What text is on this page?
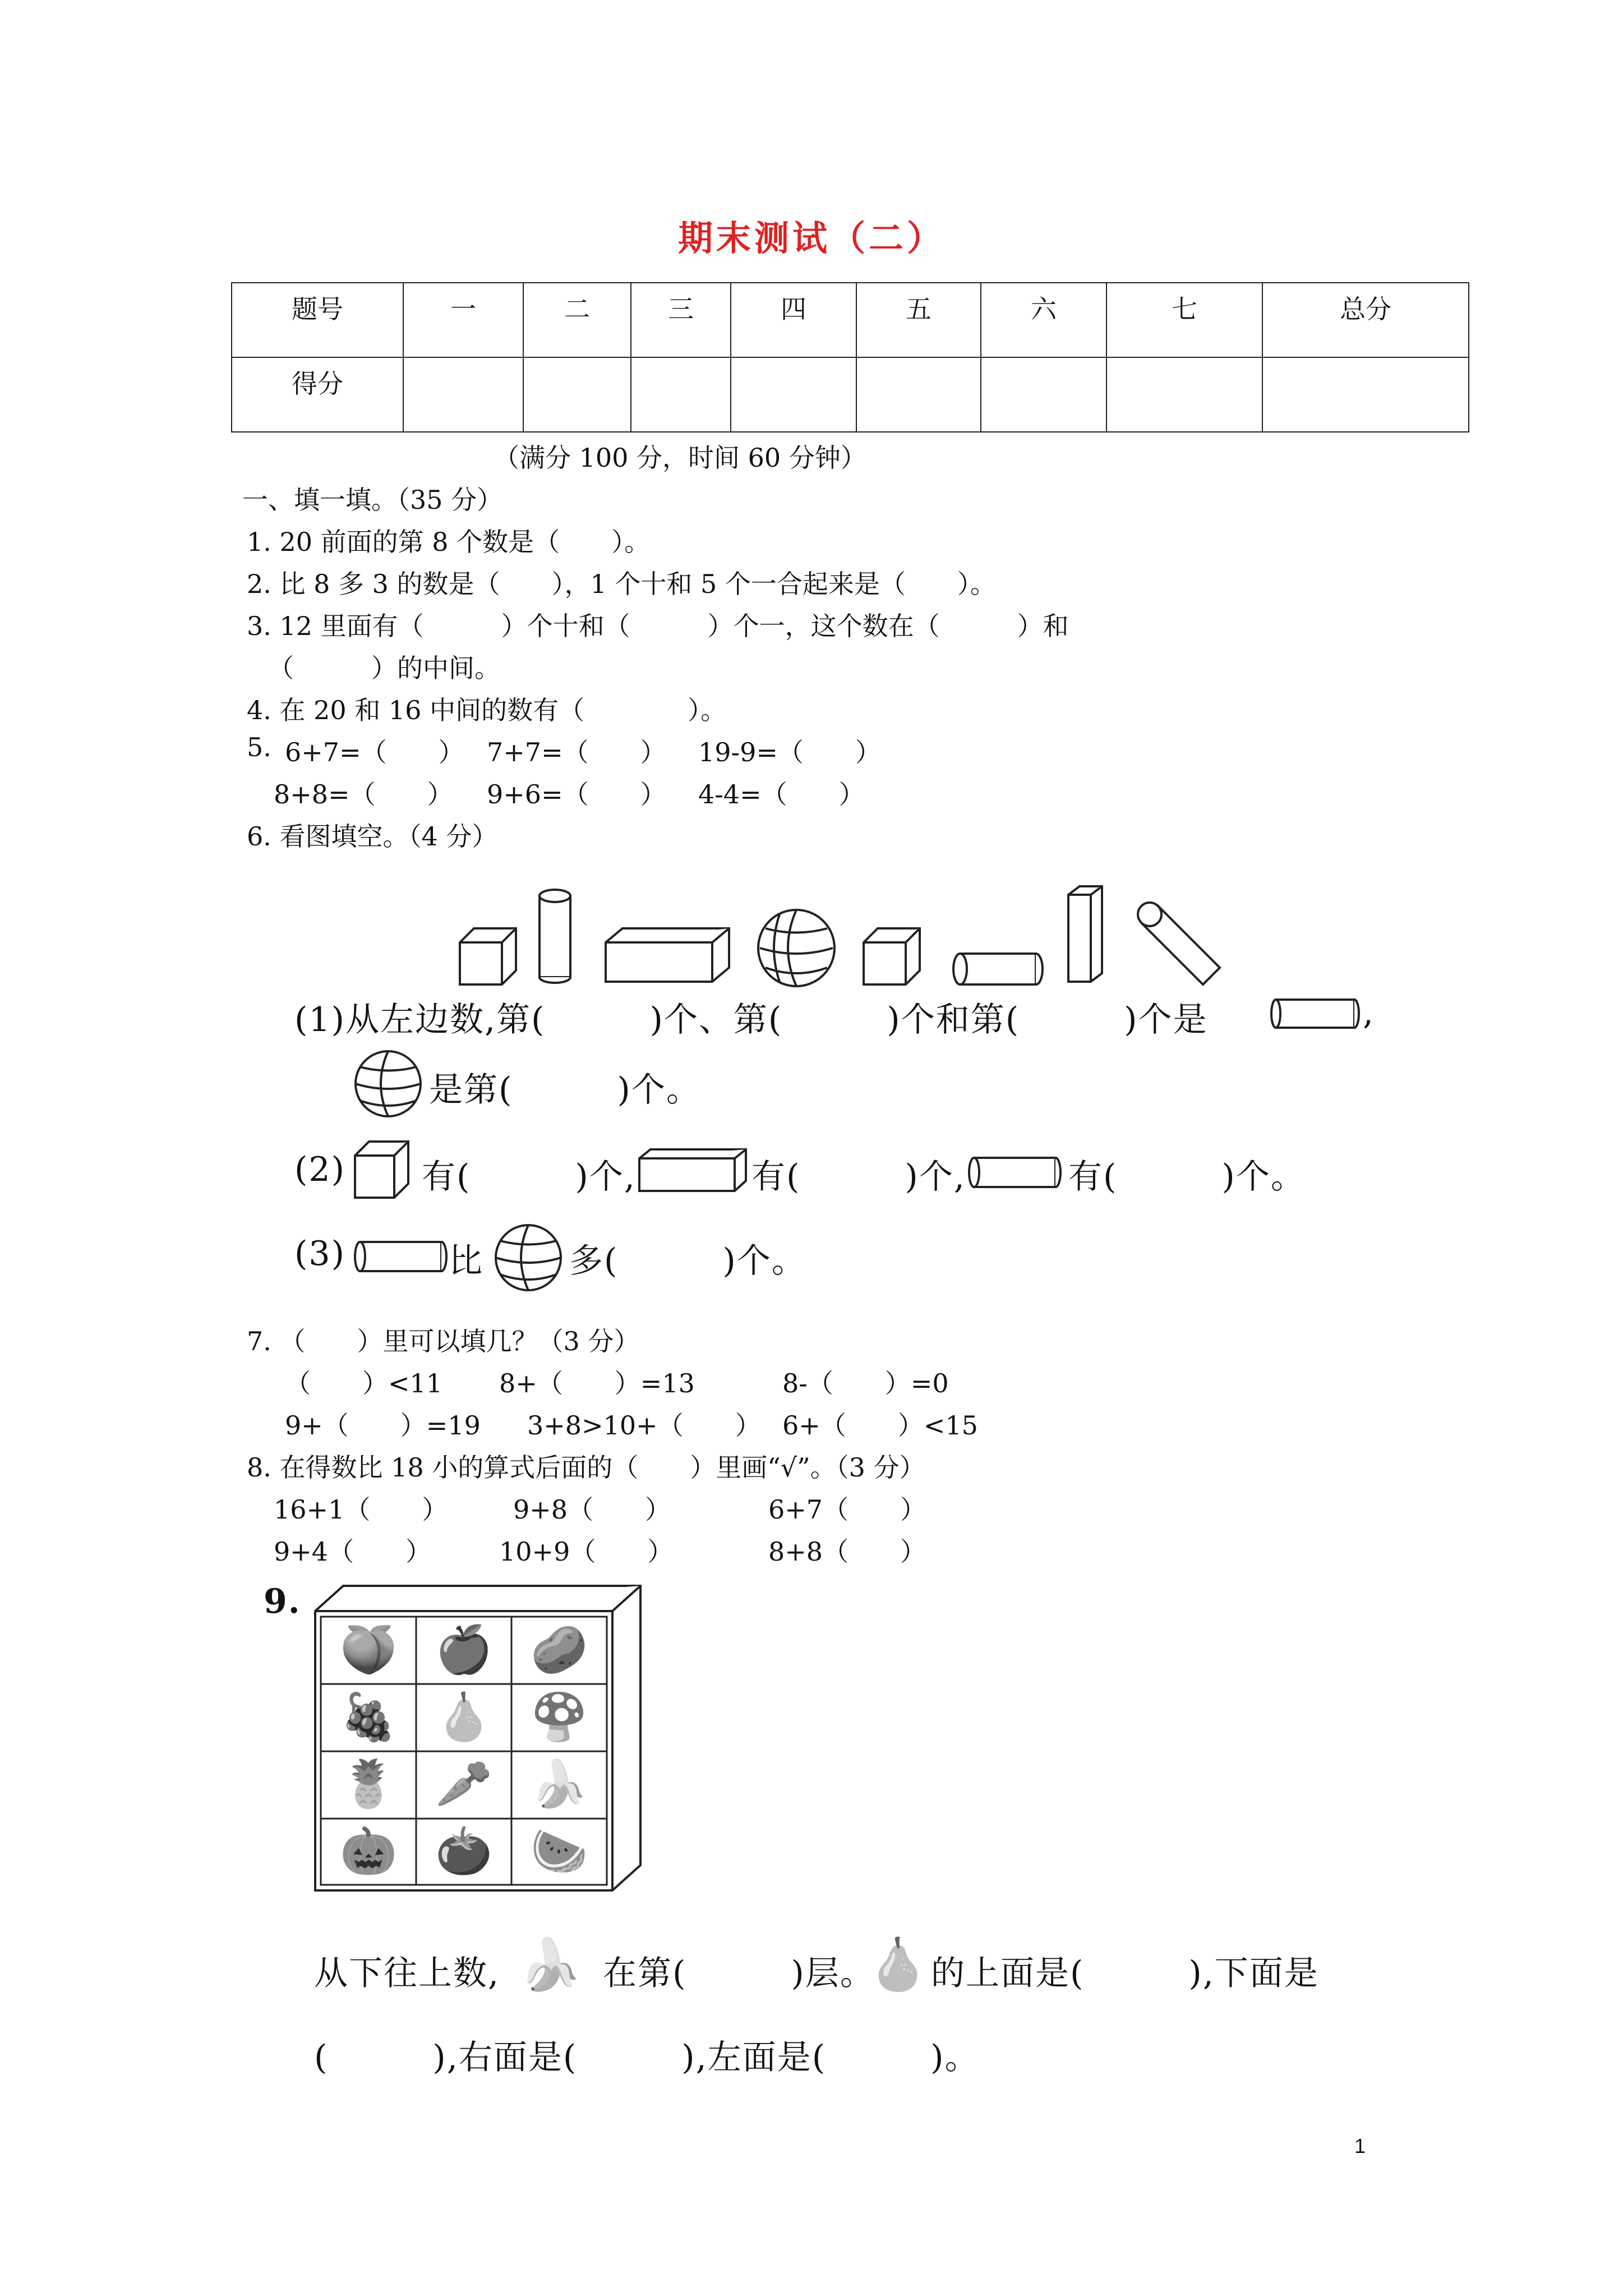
期末测试（二）
题号	一	二	三	四	五	六	七	总分
得分								
（满分 100 分，时间 60 分钟）
一、填一填。（35 分）
1. 20 前面的第 8 个数是（　　）。
2. 比 8 多 3 的数是（　　），1 个十和 5 个一合起来是（　　）。
3. 12 里面有（　　　）个十和（　　　）个一，这个数在（　　　）和
（　　　）的中间。
4. 在 20 和 16 中间的数有（　　　　）。
5. 6+7=（　　） 7+7=（　　） 19-9=（　　）
8+8=（　　） 9+6=（　　） 4-4=（　　）
6. 看图填空。（4 分）
(1)从左边数,第(　　　)个、第(　　　)个和第(　　　)个是	,
是第(　　　)个。
(2) 有(　　　)个,	有(　　　)个,	有(　　　)个。
(3)	比	多(　　　)个。
7. （　　）里可以填几？（3 分）
（　　）<11 8+（　　）=13	8-（　　）=0
9+（　　）=19 3+8>10+（　　） 6+（　　）<15
8. 在得数比 18 小的算式后面的（　　）里画“√”。（3 分）
16+1（　　）	9+8（　　）	6+7（　　）
9+4（　　）	10+9（　　）	8+8（　　）
9.
🍑 🍎 🥔
🍇 🍐 🍄
🍍 🥕 🍌
🎃 🍅 🍉
从下往上数, 🍌 在第(　　　)层。
🍐 的上面是(　　　),下面是
(　　　),右面是(　　　),左面是(　　　)。
1
